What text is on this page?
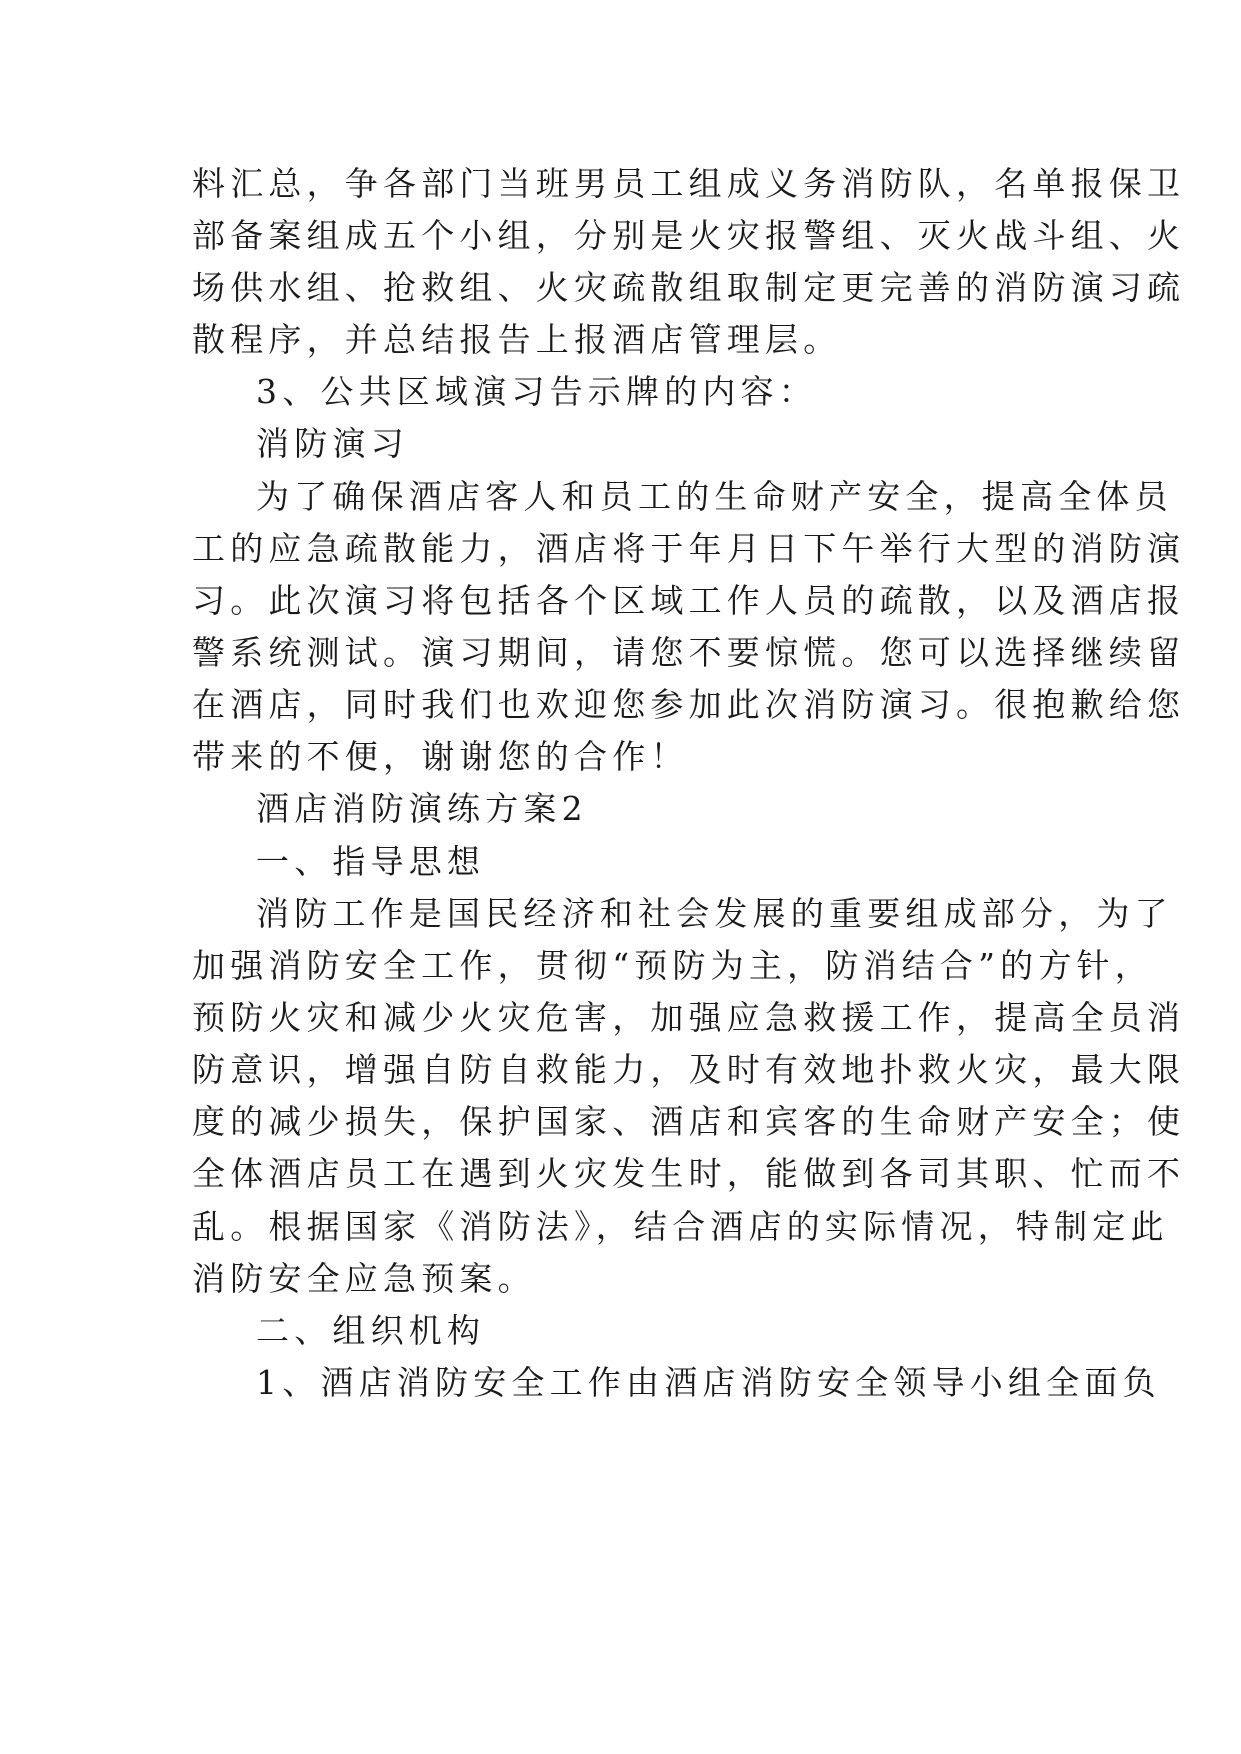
料汇总，争各部门当班男员工组成义务消防队，名单报保卫
部备案组成五个小组，分别是火灾报警组、灭火战斗组、火
场供水组、抢救组、火灾疏散组取制定更完善的消防演习疏
散程序，并总结报告上报酒店管理层。
3、公共区域演习告示牌的内容：
消防演习
为了确保酒店客人和员工的生命财产安全，提高全体员
工的应急疏散能力，酒店将于年月日下午举行大型的消防演
习。此次演习将包括各个区域工作人员的疏散，以及酒店报
警系统测试。演习期间，请您不要惊慌。您可以选择继续留
在酒店，同时我们也欢迎您参加此次消防演习。很抱歉给您
带来的不便，谢谢您的合作！
酒店消防演练方案2
一、指导思想
消防工作是国民经济和社会发展的重要组成部分，为了
加强消防安全工作，贯彻“预防为主，防消结合”的方针，
预防火灾和减少火灾危害，加强应急救援工作，提高全员消
防意识，增强自防自救能力，及时有效地扑救火灾，最大限
度的减少损失，保护国家、酒店和宾客的生命财产安全；使
全体酒店员工在遇到火灾发生时，能做到各司其职、忙而不
乱。根据国家《消防法》，结合酒店的实际情况，特制定此
消防安全应急预案。
二、组织机构
1、酒店消防安全工作由酒店消防安全领导小组全面负
